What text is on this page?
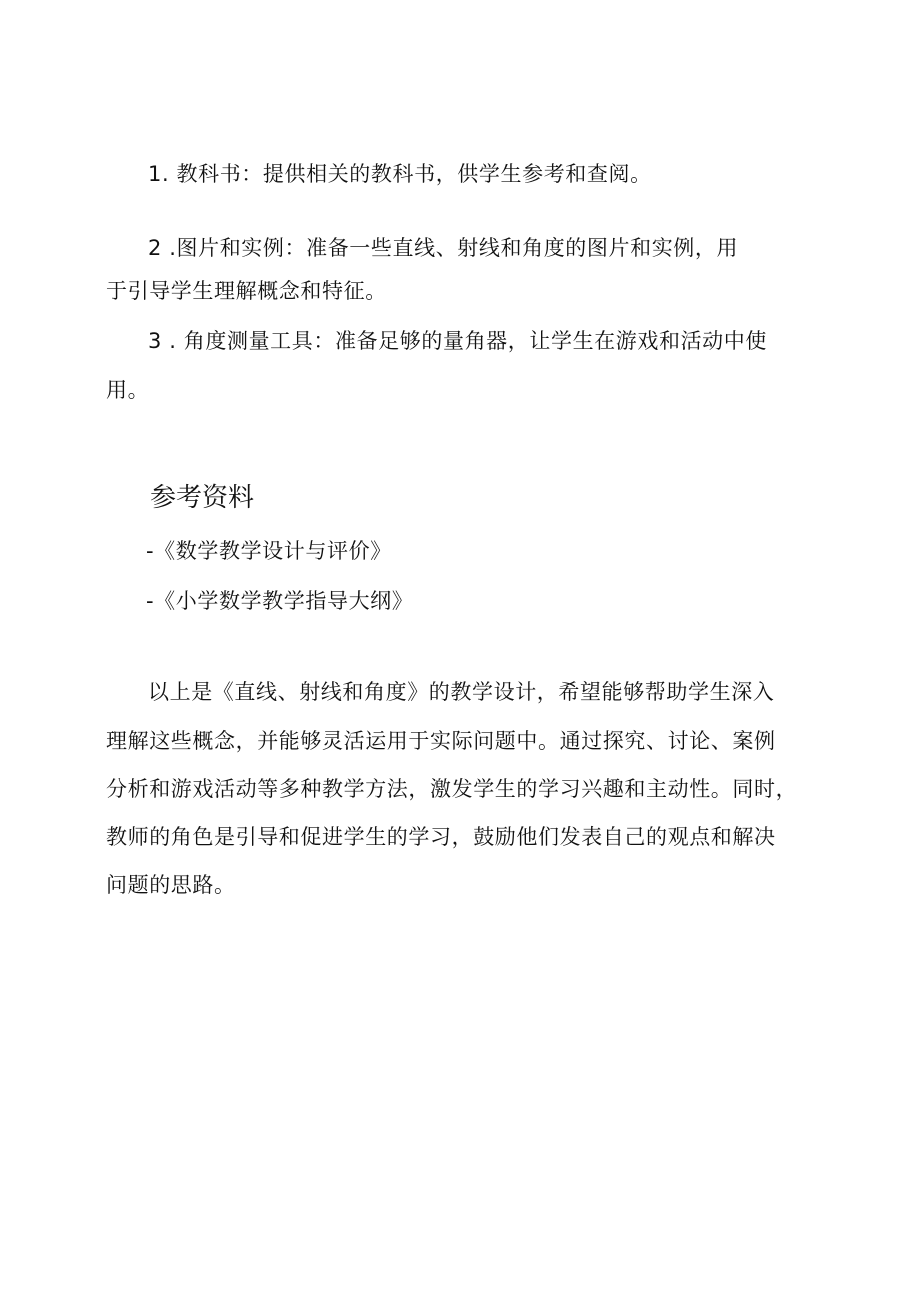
1. 教科书：提供相关的教科书，供学生参考和查阅。
2 .图片和实例：准备一些直线、射线和角度的图片和实例，用
于引导学生理解概念和特征。
3 . 角度测量工具：准备足够的量角器，让学生在游戏和活动中使
用。
参考资料
-《数学教学设计与评价》
-《小学数学教学指导大纲》
以上是《直线、射线和角度》的教学设计，希望能够帮助学生深入
理解这些概念，并能够灵活运用于实际问题中。通过探究、讨论、案例
分析和游戏活动等多种教学方法，激发学生的学习兴趣和主动性。同时，
教师的角色是引导和促进学生的学习，鼓励他们发表自己的观点和解决
问题的思路。
